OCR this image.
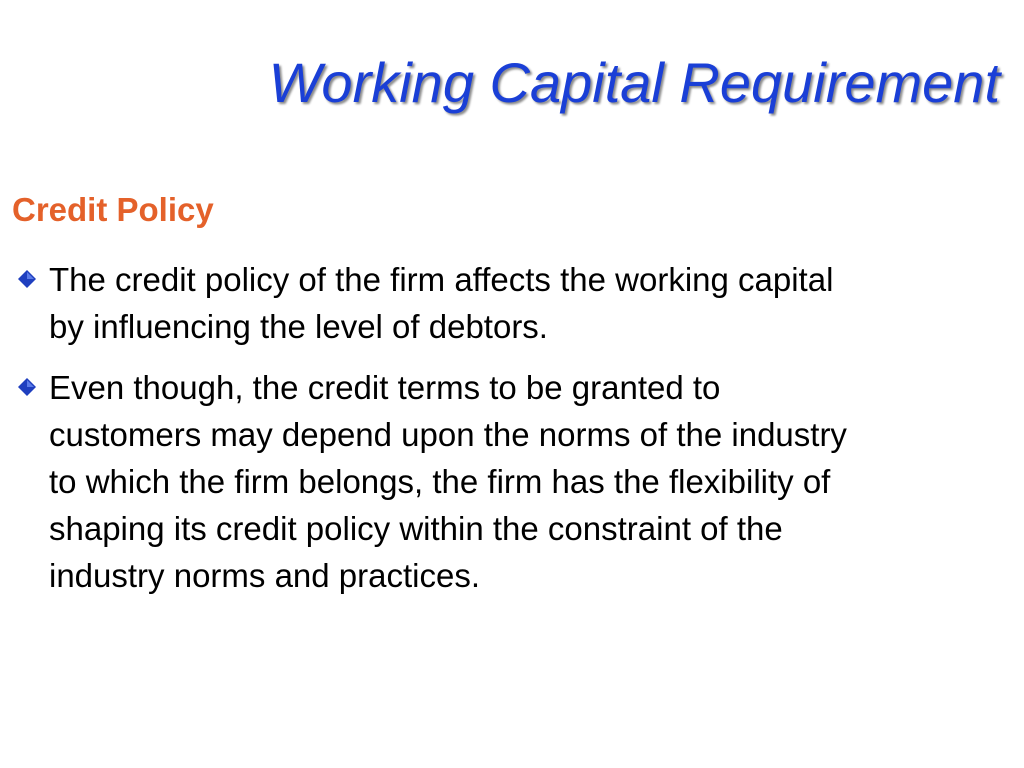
Working Capital Requirement
Credit Policy
The credit policy of the firm affects the working capital
by influencing the level of debtors.
Even though, the credit terms to be granted to
customers may depend upon the norms of the industry
to which the firm belongs, the firm has the flexibility of
shaping its credit policy within the constraint of the
industry norms and practices.
